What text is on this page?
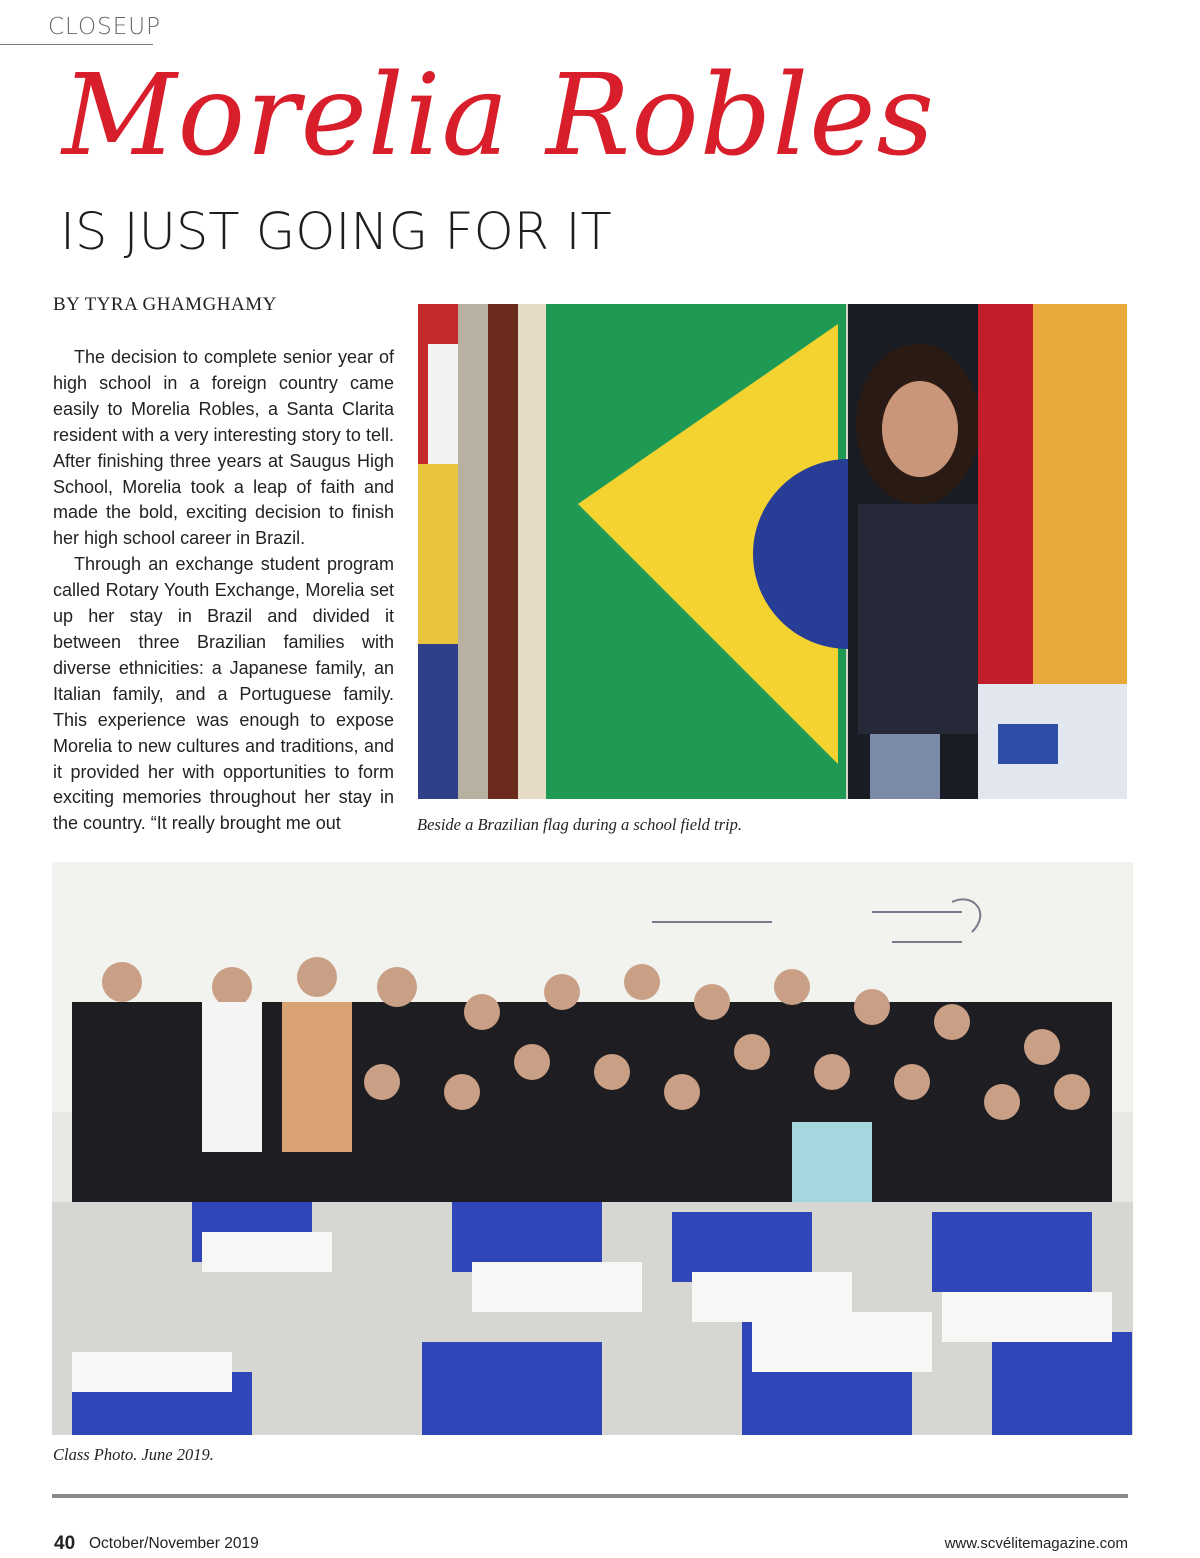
CLOSEUP
Morelia Robles
IS JUST GOING FOR IT
BY TYRA GHAMGHAMY

The decision to complete senior year of high school in a foreign country came easily to Morelia Robles, a Santa Clarita resident with a very interesting story to tell. After finishing three years at Saugus High School, Morelia took a leap of faith and made the bold, exciting decision to finish her high school career in Brazil.

Through an exchange student program called Rotary Youth Exchange, Morelia set up her stay in Brazil and divided it between three Brazilian families with diverse ethnicities: a Japanese family, an Italian family, and a Portuguese family. This experience was enough to expose Morelia to new cultures and traditions, and it provided her with opportunities to form exciting memories throughout her stay in the country. “It really brought me out	Beside a Brazilian flag during a school field trip.
Class Photo. June 2019.
40 October/November 2019	www.scvélitemagazine.com
